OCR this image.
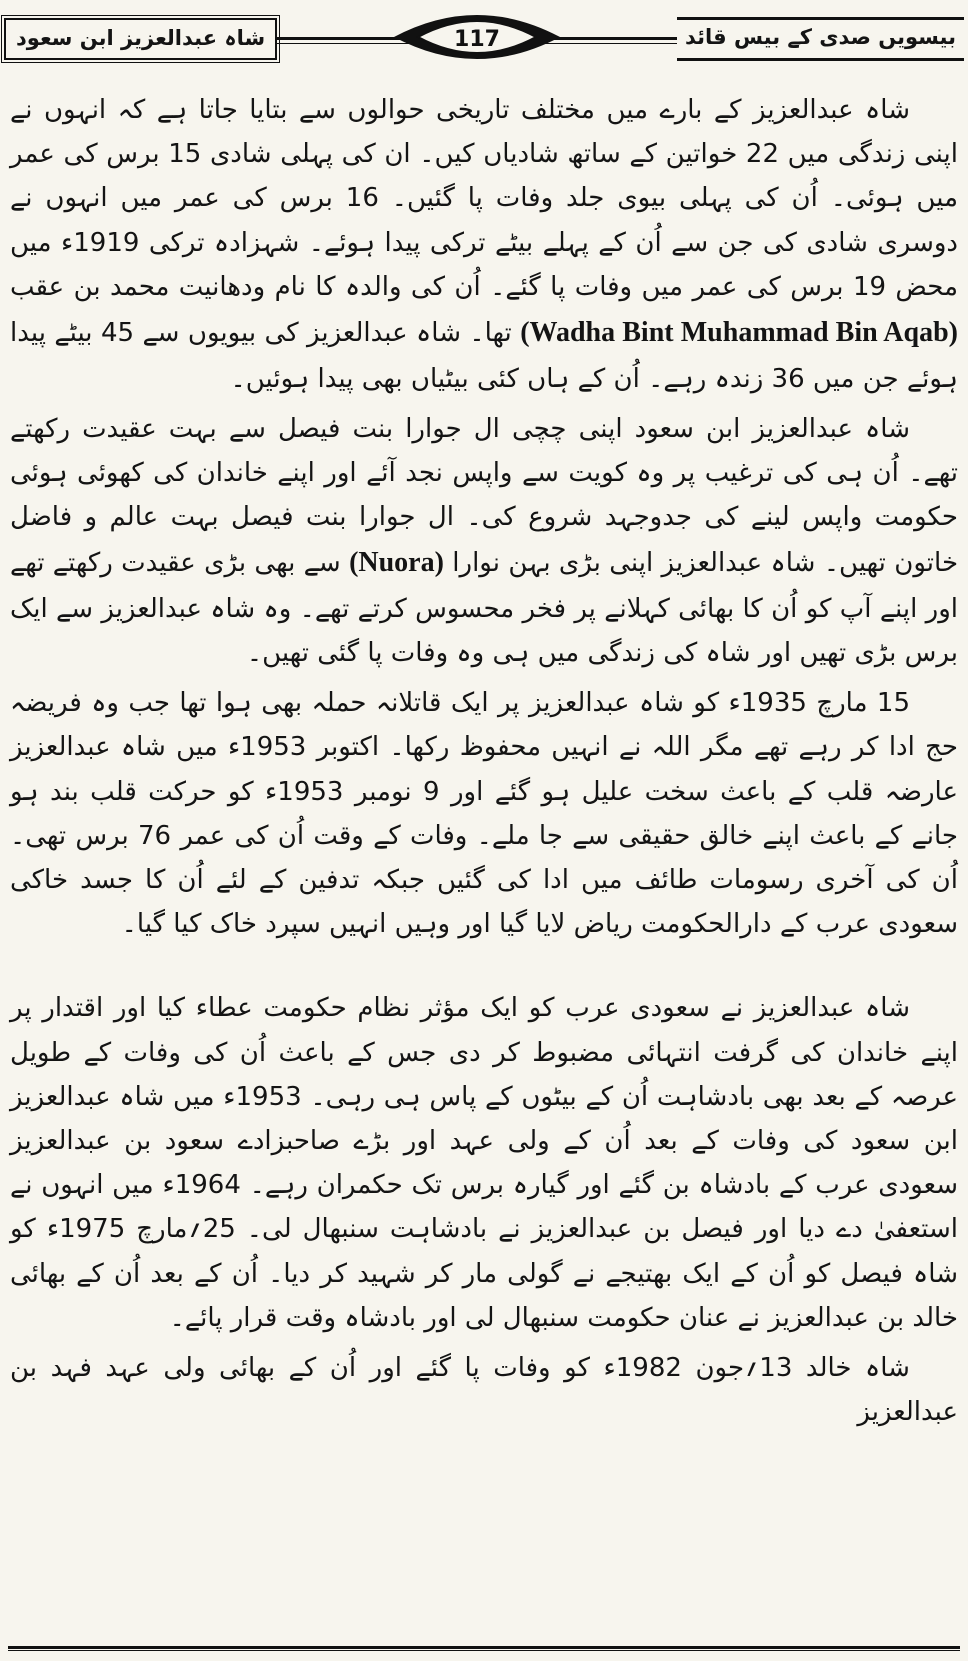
شاہ عبدالعزیز ابن سعود	117	بیسویں صدی کے بیس قائد

شاہ عبدالعزیز کے بارے میں مختلف تاریخی حوالوں سے بتایا جاتا ہے کہ انہوں نے اپنی زندگی میں 22 خواتین کے ساتھ شادیاں کیں۔ ان کی پہلی شادی 15 برس کی عمر میں ہوئی۔ اُن کی پہلی بیوی جلد وفات پا گئیں۔ 16 برس کی عمر میں انہوں نے دوسری شادی کی جن سے اُن کے پہلے بیٹے ترکی پیدا ہوئے۔ شہزادہ ترکی 1919ء میں محض 19 برس کی عمر میں وفات پا گئے۔ اُن کی والدہ کا نام ودھانیت محمد بن عقب (Wadha Bint Muhammad Bin Aqab) تھا۔ شاہ عبدالعزیز کی بیویوں سے 45 بیٹے پیدا ہوئے جن میں 36 زندہ رہے۔ اُن کے ہاں کئی بیٹیاں بھی پیدا ہوئیں۔

شاہ عبدالعزیز ابن سعود اپنی چچی ال جوارا بنت فیصل سے بہت عقیدت رکھتے تھے۔ اُن ہی کی ترغیب پر وہ کویت سے واپس نجد آئے اور اپنے خاندان کی کھوئی ہوئی حکومت واپس لینے کی جدوجہد شروع کی۔ ال جوارا بنت فیصل بہت عالم و فاضل خاتون تھیں۔ شاہ عبدالعزیز اپنی بڑی بہن نوارا (Nuora) سے بھی بڑی عقیدت رکھتے تھے اور اپنے آپ کو اُن کا بھائی کہلانے پر فخر محسوس کرتے تھے۔ وہ شاہ عبدالعزیز سے ایک برس بڑی تھیں اور شاہ کی زندگی میں ہی وہ وفات پا گئی تھیں۔

15 مارچ 1935ء کو شاہ عبدالعزیز پر ایک قاتلانہ حملہ بھی ہوا تھا جب وہ فریضہ حج ادا کر رہے تھے مگر اللہ نے انہیں محفوظ رکھا۔ اکتوبر 1953ء میں شاہ عبدالعزیز عارضہ قلب کے باعث سخت علیل ہو گئے اور 9 نومبر 1953ء کو حرکت قلب بند ہو جانے کے باعث اپنے خالق حقیقی سے جا ملے۔ وفات کے وقت اُن کی عمر 76 برس تھی۔ اُن کی آخری رسومات طائف میں ادا کی گئیں جبکہ تدفین کے لئے اُن کا جسد خاکی سعودی عرب کے دارالحکومت ریاض لایا گیا اور وہیں انہیں سپرد خاک کیا گیا۔

شاہ عبدالعزیز نے سعودی عرب کو ایک مؤثر نظام حکومت عطاء کیا اور اقتدار پر اپنے خاندان کی گرفت انتہائی مضبوط کر دی جس کے باعث اُن کی وفات کے طویل عرصہ کے بعد بھی بادشاہت اُن کے بیٹوں کے پاس ہی رہی۔ 1953ء میں شاہ عبدالعزیز ابن سعود کی وفات کے بعد اُن کے ولی عہد اور بڑے صاحبزادے سعود بن عبدالعزیز سعودی عرب کے بادشاہ بن گئے اور گیارہ برس تک حکمران رہے۔ 1964ء میں انہوں نے استعفیٰ دے دیا اور فیصل بن عبدالعزیز نے بادشاہت سنبھال لی۔ 25؍مارچ 1975ء کو شاہ فیصل کو اُن کے ایک بھتیجے نے گولی مار کر شہید کر دیا۔ اُن کے بعد اُن کے بھائی خالد بن عبدالعزیز نے عنان حکومت سنبھال لی اور بادشاہ وقت قرار پائے۔

شاہ خالد 13؍جون 1982ء کو وفات پا گئے اور اُن کے بھائی ولی عہد فہد بن عبدالعزیز
